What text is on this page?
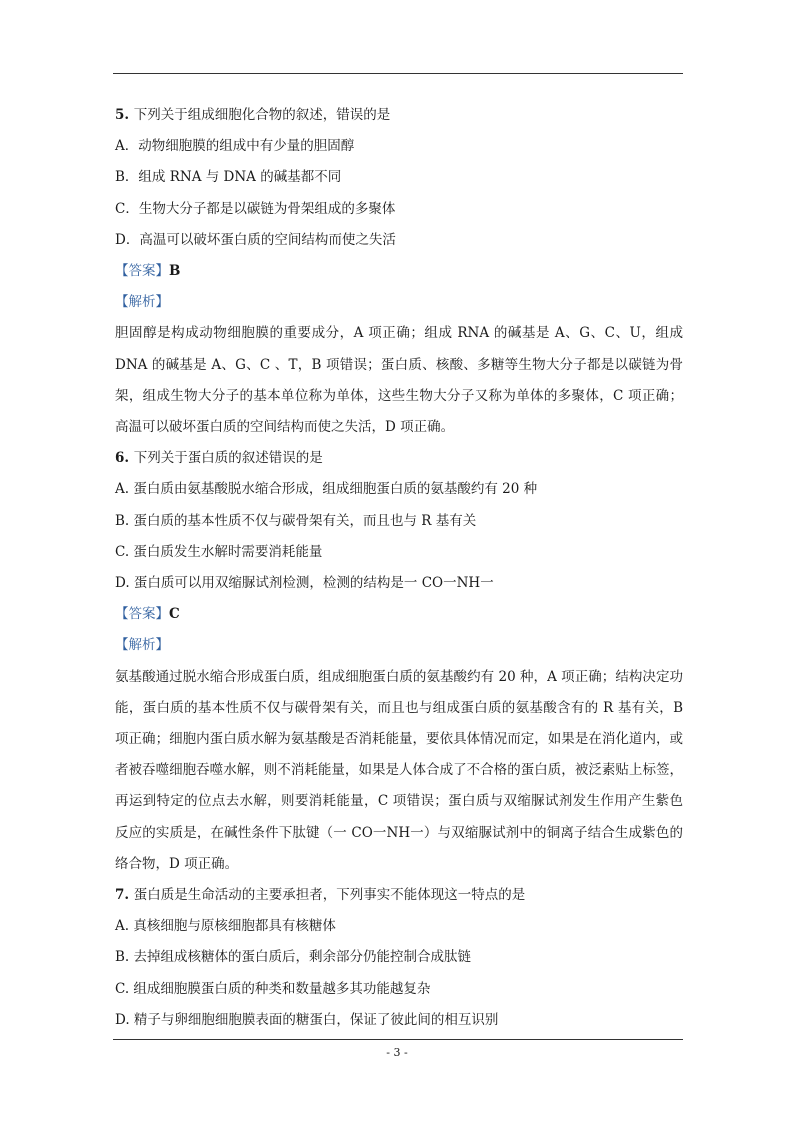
5. 下列关于组成细胞化合物的叙述，错误的是
A．动物细胞膜的组成中有少量的胆固醇
B．组成 RNA 与 DNA 的碱基都不同
C．生物大分子都是以碳链为骨架组成的多聚体
D．高温可以破坏蛋白质的空间结构而使之失活
【答案】B
【解析】
胆固醇是构成动物细胞膜的重要成分，A 项正确；组成 RNA 的碱基是 A、G、C、U，组成 DNA 的碱基是 A、G、C 、T，B 项错误；蛋白质、核酸、多糖等生物大分子都是以碳链为骨架，组成生物大分子的基本单位称为单体，这些生物大分子又称为单体的多聚体，C 项正确；高温可以破坏蛋白质的空间结构而使之失活，D 项正确。
6. 下列关于蛋白质的叙述错误的是
A. 蛋白质由氨基酸脱水缩合形成，组成细胞蛋白质的氨基酸约有 20 种
B. 蛋白质的基本性质不仅与碳骨架有关，而且也与 R 基有关
C. 蛋白质发生水解时需要消耗能量
D. 蛋白质可以用双缩脲试剂检测，检测的结构是一 CO一NH一
【答案】C
【解析】
氨基酸通过脱水缩合形成蛋白质，组成细胞蛋白质的氨基酸约有 20 种，A 项正确；结构决定功能，蛋白质的基本性质不仅与碳骨架有关，而且也与组成蛋白质的氨基酸含有的 R 基有关，B 项正确；细胞内蛋白质水解为氨基酸是否消耗能量，要依具体情况而定，如果是在消化道内，或者被吞噬细胞吞噬水解，则不消耗能量，如果是人体合成了不合格的蛋白质，被泛素贴上标签，再运到特定的位点去水解，则要消耗能量，C 项错误；蛋白质与双缩脲试剂发生作用产生紫色反应的实质是，在碱性条件下肽键（一 CO一NH一）与双缩脲试剂中的铜离子结合生成紫色的络合物，D 项正确。
7. 蛋白质是生命活动的主要承担者，下列事实不能体现这一特点的是
A. 真核细胞与原核细胞都具有核糖体
B. 去掉组成核糖体的蛋白质后，剩余部分仍能控制合成肽链
C. 组成细胞膜蛋白质的种类和数量越多其功能越复杂
D. 精子与卵细胞细胞膜表面的糖蛋白，保证了彼此间的相互识别
- 3 -
